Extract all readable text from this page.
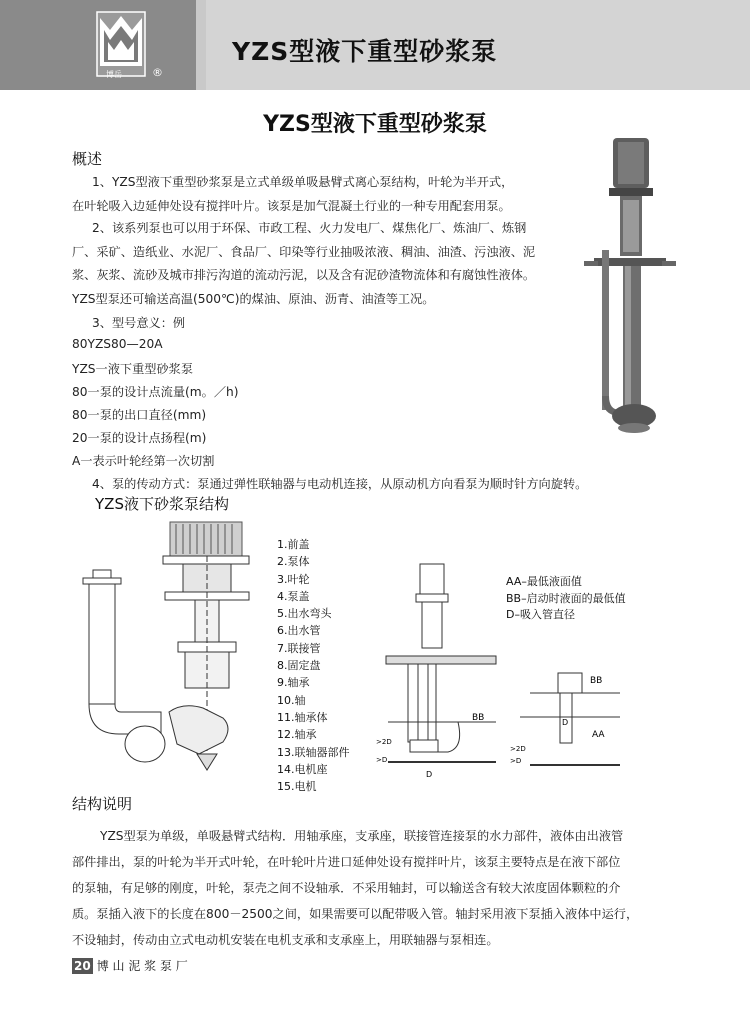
博岳	®
YZS型液下重型砂浆泵
YZS型液下重型砂浆泵
概述
1、YZS型液下重型砂浆泵是立式单级单吸悬臂式离心泵结构，叶轮为半开式，
在叶轮吸入边延伸处设有搅拌叶片。该泵是加气混凝土行业的一种专用配套用泵。
2、该系列泵也可以用于环保、市政工程、火力发电厂、煤焦化厂、炼油厂、炼钢
厂、采矿、造纸业、水泥厂、食品厂、印染等行业抽吸浓液、稠油、油渣、污浊液、泥
浆、灰浆、流砂及城市排污沟道的流动污泥，以及含有泥砂渣物流体和有腐蚀性液体。
YZS型泵还可输送高温(500℃)的煤油、原油、沥青、油渣等工况。
3、型号意义：例
80YZS80—20A
YZS一液下重型砂浆泵
80一泵的设计点流量(m。／h)
80一泵的出口直径(mm)
20一泵的设计点扬程(m)
A一表示叶轮经第一次切割
4、泵的传动方式：泵通过弹性联轴器与电动机连接，从原动机方向看泵为顺时针方向旋转。
YZS液下砂浆泵结构
1.前盖
2.泵体
3.叶轮
4.泵盖
5.出水弯头
6.出水管
7.联接管
8.固定盘
9.轴承
10.轴
11.轴承体
12.轴承
13.联轴器部件
14.电机座
15.电机
BB
>2D
>D
D
AA–最低液面值
BB–启动时液面的最低值
D–吸入管直径
BB
AA
D
>2D
>D
结构说明
YZS型泵为单级，单吸悬臂式结构．用轴承座，支承座，联接管连接泵的水力部件，液体由出液管
部件排出，泵的叶轮为半开式叶轮，在叶轮叶片进口延伸处设有搅拌叶片，该泵主要特点是在液下部位
的泵轴，有足够的刚度，叶轮，泵壳之间不设轴承．不采用轴封，可以输送含有较大浓度固体颗粒的介
质。泵插入液下的长度在800－2500之间，如果需要可以配带吸入管。轴封采用液下泵插入液体中运行，
不设轴封，传动由立式电动机安装在电机支承和支承座上，用联轴器与泵相连。
20 博 山 泥 浆 泵 厂
